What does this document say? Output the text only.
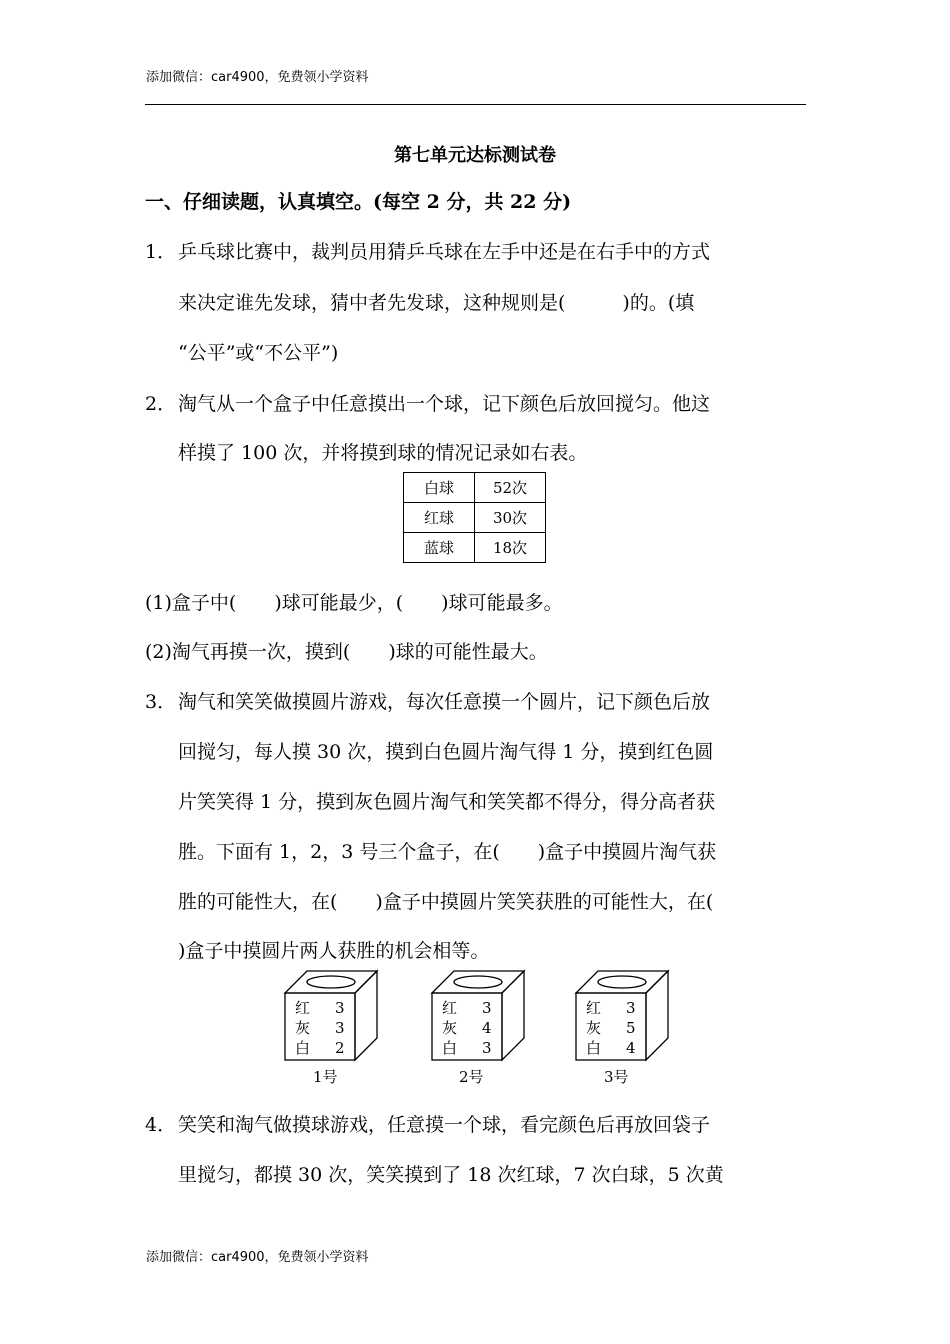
添加微信：car4900，免费领小学资料
第七单元达标测试卷
一、仔细读题，认真填空。(每空 2 分，共 22 分)
1． 乒乓球比赛中，裁判员用猜乒乓球在左手中还是在右手中的方式
来决定谁先发球，猜中者先发球，这种规则是(　　　)的。(填
“公平”或“不公平”)
2． 淘气从一个盒子中任意摸出一个球，记下颜色后放回搅匀。他这
样摸了 100 次，并将摸到球的情况记录如右表。
白球	52次
红球	30次
蓝球	18次
(1)盒子中(　　)球可能最少，(　　)球可能最多。
(2)淘气再摸一次，摸到(　　)球的可能性最大。
3． 淘气和笑笑做摸圆片游戏，每次任意摸一个圆片，记下颜色后放
回搅匀，每人摸 30 次，摸到白色圆片淘气得 1 分，摸到红色圆
片笑笑得 1 分，摸到灰色圆片淘气和笑笑都不得分，得分高者获
胜。下面有 1，2，3 号三个盒子，在(　　)盒子中摸圆片淘气获
胜的可能性大，在(　　)盒子中摸圆片笑笑获胜的可能性大，在(
)盒子中摸圆片两人获胜的机会相等。
红 3
灰 3
白 2
1号
红 3
灰 4
白 3
2号
红 3
灰 5
白 4
3号
4． 笑笑和淘气做摸球游戏，任意摸一个球，看完颜色后再放回袋子
里搅匀，都摸 30 次，笑笑摸到了 18 次红球，7 次白球，5 次黄
添加微信：car4900，免费领小学资料
